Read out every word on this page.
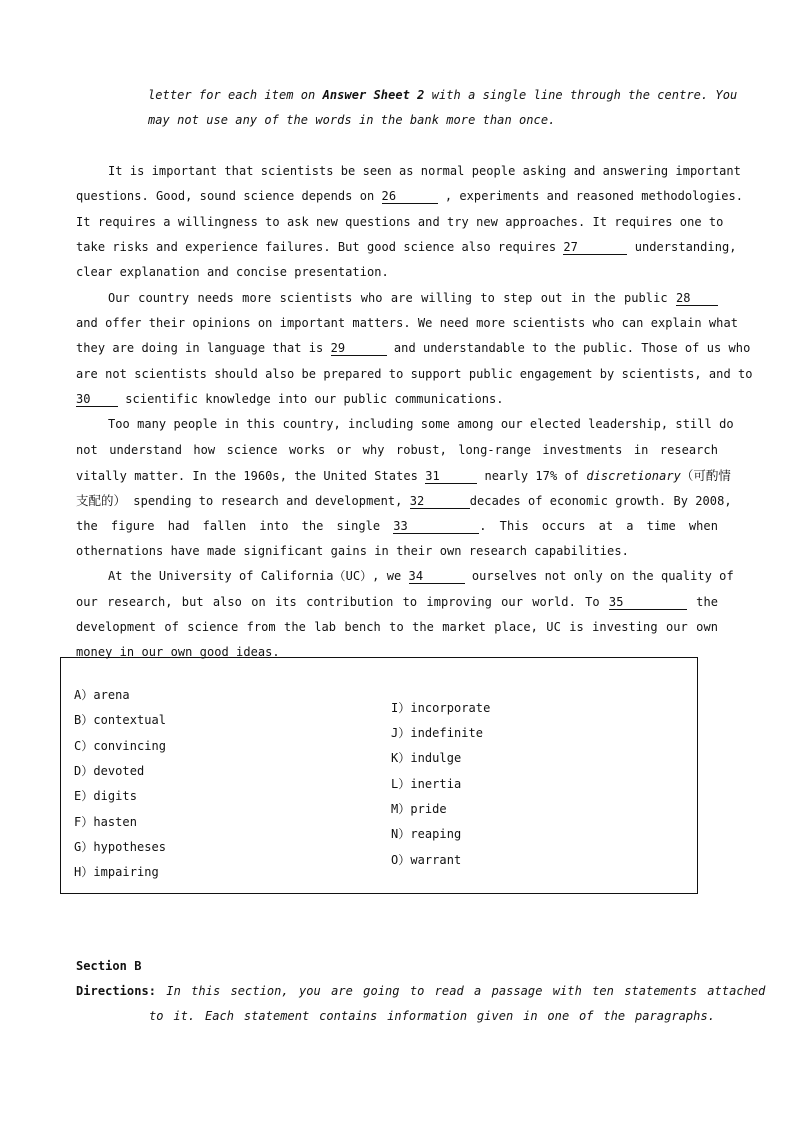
letter for each item on Answer Sheet 2 with a single line through the centre. You
may not use any of the words in the bank more than once.
It is important that scientists be seen as normal people asking and answering important
questions. Good, sound science depends on 26	, experiments and reasoned methodologies.
It requires a willingness to ask new questions and try new approaches. It requires one to
take risks and experience failures. But good science also requires 27	understanding,
clear explanation and concise presentation.
Our country needs more scientists who are willing to step out in the public 28
and offer their opinions on important matters. We need more scientists who can explain what
they are doing in language that is 29	and understandable to the public. Those of us who
are not scientists should also be prepared to support public engagement by scientists, and to
30	scientific knowledge into our public communications.
Too many people in this country, including some among our elected leadership, still do
not understand how science works or why robust, long-range investments in research
vitally matter. In the 1960s, the United States 31	nearly 17% of discretionary（可酌情
支配的） spending to research and development, 32	decades of economic growth. By 2008,
the figure had fallen into the single 33	. This occurs at a time when
othernations have made significant gains in their own research capabilities.
At the University of California（UC）, we 34	ourselves not only on the quality of
our research, but also on its contribution to improving our world. To 35	the
development of science from the lab bench to the market place, UC is investing our own
money in our own good ideas.
A）arena
B）contextual
C）convincing
D）devoted
E）digits
F）hasten
G）hypotheses
H）impairing
I）incorporate
J）indefinite
K）indulge
L）inertia
M）pride
N）reaping
O）warrant
Section B
Directions: In this section, you are going to read a passage with ten statements attached
to it. Each statement contains information given in one of the paragraphs.
